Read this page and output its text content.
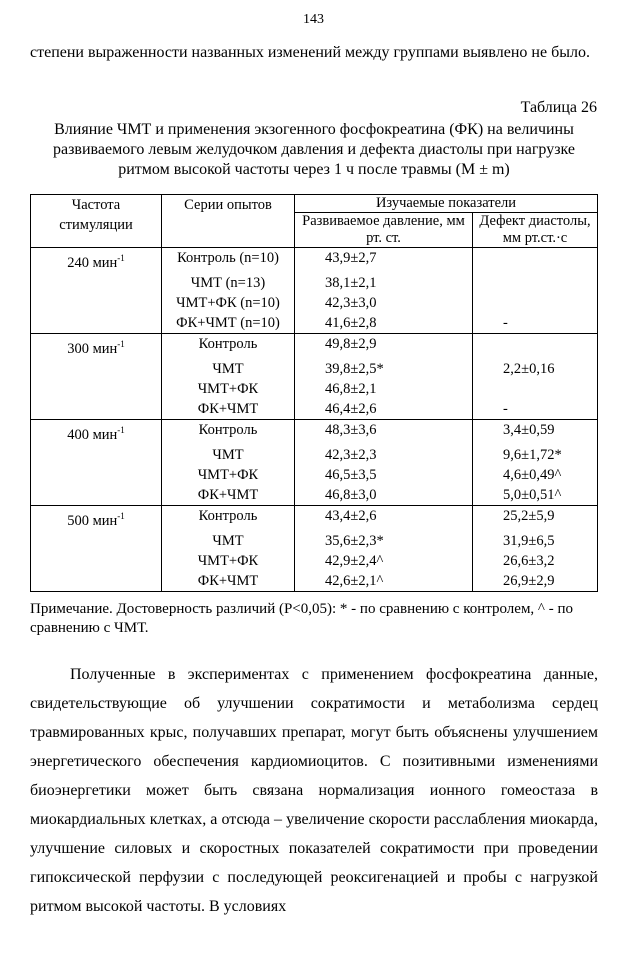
143
степени выраженности названных изменений между группами выявлено не было.
Таблица 26
Влияние ЧМТ и применения экзогенного фосфокреатина (ФК) на величины развиваемого левым желудочком давления и дефекта диастолы при нагрузке ритмом высокой частоты через 1 ч после травмы (M ± m)
Частота стимуляции	Серии опытов	Изучаемые показатели	
		Развиваемое давление, мм рт. ст.	Дефект диастолы, мм рт.ст.·с
240 мин$^{-1}$	Контроль (n=10)	43,9±2,7	
	ЧМТ (n=13)	38,1±2,1	
	ЧМТ+ФК (n=10)	42,3±3,0	
	ФК+ЧМТ (n=10)	41,6±2,8	-
300 мин$^{-1}$	Контроль	49,8±2,9	
	ЧМТ	39,8±2,5*	2,2±0,16
	ЧМТ+ФК	46,8±2,1	
	ФК+ЧМТ	46,4±2,6	-
400 мин$^{-1}$	Контроль	48,3±3,6	3,4±0,59
	ЧМТ	42,3±2,3	9,6±1,72*
	ЧМТ+ФК	46,5±3,5	4,6±0,49^
	ФК+ЧМТ	46,8±3,0	5,0±0,51^
500 мин$^{-1}$	Контроль	43,4±2,6	25,2±5,9
	ЧМТ	35,6±2,3*	31,9±6,5
	ЧМТ+ФК	42,9±2,4^	26,6±3,2
	ФК+ЧМТ	42,6±2,1^	26,9±2,9
Примечание. Достоверность различий (P<0,05): * - по сравнению с контролем, ^ - по сравнению с ЧМТ.
Полученные в экспериментах с применением фосфокреатина данные, свидетельствующие об улучшении сократимости и метаболизма сердец травмированных крыс, получавших препарат, могут быть объяснены улучшением энергетического обеспечения кардиомиоцитов. С позитивными изменениями биоэнергетики может быть связана нормализация ионного гомеостаза в миокардиальных клетках, а отсюда – увеличение скорости расслабления миокарда, улучшение силовых и скоростных показателей сократимости при проведении гипоксической перфузии с последующей реоксигенацией и пробы с нагрузкой ритмом высокой частоты. В условиях
